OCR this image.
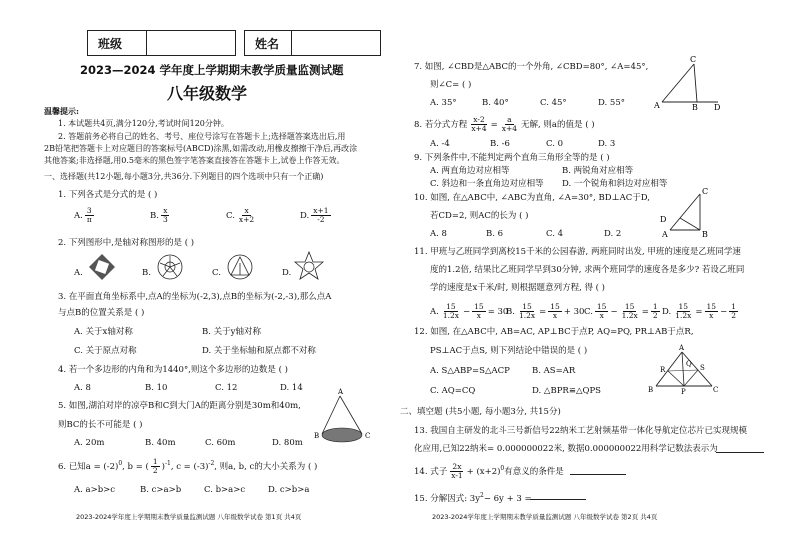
班级	姓名
2023—2024 学年度上学期期末教学质量监测试题
八年级数学
温馨提示:
1. 本试题共4页,满分120分,考试时间120分钟。
2. 答题前务必将自己的姓名、考号、座位号涂写在答题卡上;选择题答案选出后,用
2B铅笔把答题卡上对应题目的答案标号(ABCD)涂黑,如需改动,用橡皮擦擦干净后,再改涂
其他答案;非选择题,用0.5毫米的黑色签字笔答案直接答在答题卡上,试卷上作答无效。
一、选择题(共12小题,每小题3分,共36分.下列题目的四个选项中只有一个正确)
1. 下列各式是分式的是 ( )
A. $\frac{3}{\pi}$	B. $\frac{x}{3}$	C. $\frac{x}{x+2}$	D. $\frac{x+1}{-2}$
2. 下列图形中,是轴对称图形的是 ( )
A.	B.	C.	D.
3. 在平面直角坐标系中,点A的坐标为(-2,3),点B的坐标为(-2,-3),那么点A
与点B的位置关系是 ( )
A. 关于x轴对称	B. 关于y轴对称
C. 关于原点对称	D. 关于坐标轴和原点都不对称
4. 若一个多边形的内角和为1440°,则这个多边形的边数是 ( )
A. 8	B. 10	C. 12	D. 14
5. 如图,湖泊对岸的凉亭B和C到大门A的距离分别是30m和40m,
则BC的长不可能是 ( )
A. 20m	B. 40m	C. 60m	D. 80m
A
B	C
6. 已知$a = (-2)^0$, b = ( $\frac{1}{2} )^{-1}$, $c = (-3)^{-2}$, 则a, b, c的大小关系为 ( )
A. a>b>c	B. c>a>b	C. b>a>c	D. c>b>a
2023-2024学年度上学期期末教学质量监测试题 八年级数学试卷 第1页 共4页
7. 如图, ∠CBD是△ABC的一个外角, ∠CBD=80°, ∠A=45°,
则∠C= ( )
A. 35°	B. 40°	C. 45°	D. 55°	A	B
C
D
8. 若分式方程 $\frac{x-2}{x+4} = \frac{a}{x+4}$ 无解, 则a的值是 ( )
A. -4	B. -6	C. 0	D. 3
9. 下列条件中,不能判定两个直角三角形全等的是 ( )
A. 两直角边对应相等	B. 两锐角对应相等
C. 斜边和一条直角边对应相等 D. 一个锐角和斜边对应相等
10. 如图, 在△ABC中, ∠ABC为直角, ∠A=30°, BD⊥AC于D,
若CD=2, 则AC的长为 ( )
A. 8	B. 6	C. 4	D. 2
C
D
A	B
11. 甲班与乙班同学到离校15千米的公园春游, 两班同时出发, 甲班的速度是乙班同学速
度的1.2倍, 结果比乙班同学早到30分钟, 求两个班同学的速度各是多少? 若设乙班同
学的速度是x千米/时, 则根据题意列方程, 得 ( )
A. $\frac{15}{1.2x} - \frac{15}{x} = 30$
B. $\frac{15}{1.2x} = \frac{15}{x} + 30$ C. $\frac{15}{x} - \frac{15}{1.2x} = \frac{1}{2} D$. $\frac{15}{1.2x} = \frac{15}{x} - \frac{1}{2}$
12. 如图, 在△ABC中, AB=AC, AP⊥BC于点P, AQ=PQ, PR⊥AB于点R,
PS⊥AC于点S, 则下列结论中错误的是 ( )
A. S△ABP=S△ACP	B. AS=AR
C. AQ=CQ	D. △BPR≌△QPS
A
B	C
P
Q
R	S
二、填空题 (共5小题, 每小题3分, 共15分)
13. 我国自主研发的北斗三号新信号22纳米工艺射频基带一体化导航定位芯片已实现规模
化应用,已知22纳米= 0.000000022米, 数据0.000000022用科学记数法表示为
14. 式子 $\frac{2x}{x-1} + (x+2)^0$有意义的条件是
15. 分解因式: $3y^2- 6y + 3$ =
2023-2024学年度上学期期末教学质量监测试题 八年级数学试卷 第2页 共4页
